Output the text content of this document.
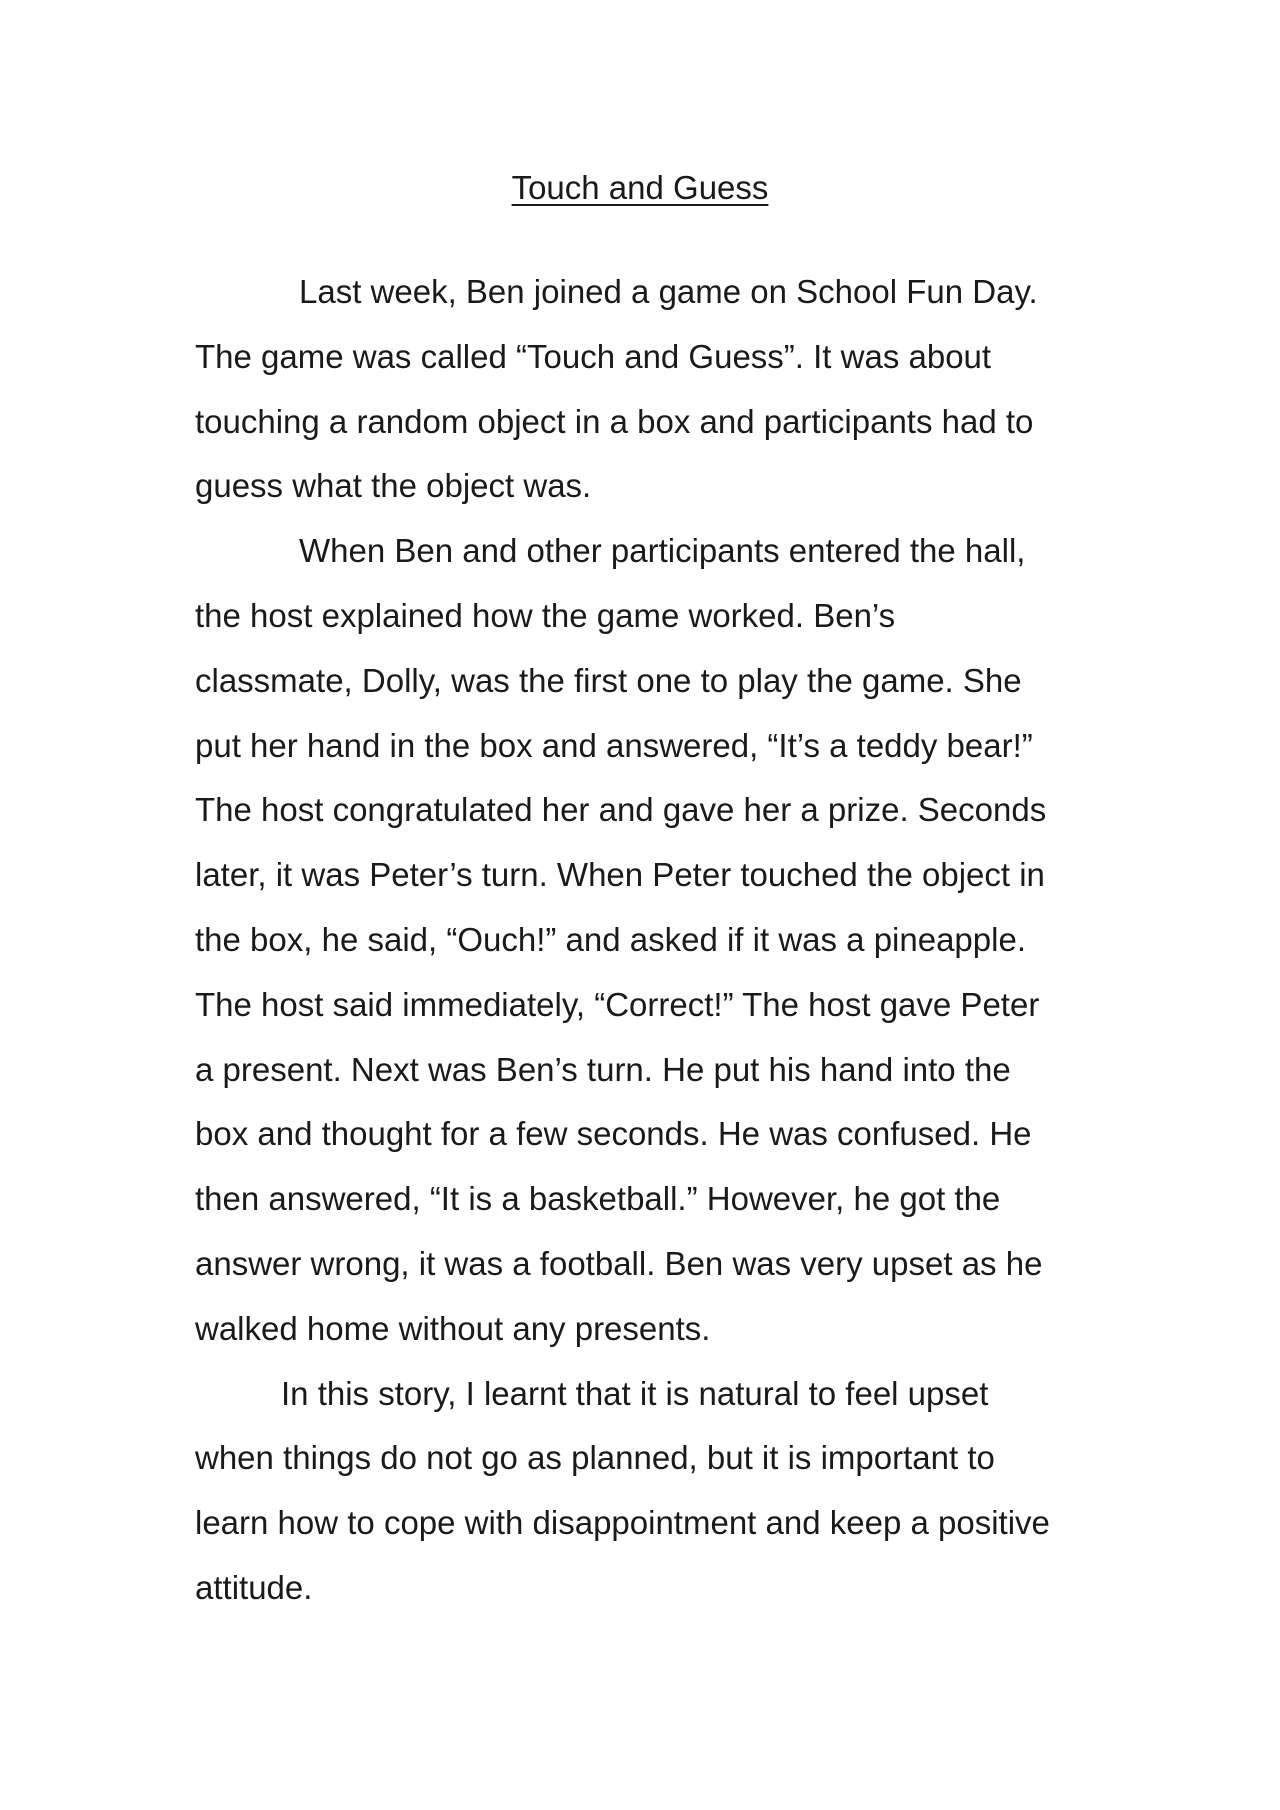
Touch and Guess

Last week, Ben joined a game on School Fun Day.

The game was called “Touch and Guess”. It was about

touching a random object in a box and participants had to

guess what the object was.

When Ben and other participants entered the hall,

the host explained how the game worked. Ben’s

classmate, Dolly, was the first one to play the game. She

put her hand in the box and answered, “It’s a teddy bear!”

The host congratulated her and gave her a prize. Seconds

later, it was Peter’s turn. When Peter touched the object in

the box, he said, “Ouch!” and asked if it was a pineapple.

The host said immediately, “Correct!” The host gave Peter

a present. Next was Ben’s turn. He put his hand into the

box and thought for a few seconds. He was confused. He

then answered, “It is a basketball.” However, he got the

answer wrong, it was a football. Ben was very upset as he

walked home without any presents.

In this story, I learnt that it is natural to feel upset

when things do not go as planned, but it is important to

learn how to cope with disappointment and keep a positive

attitude.
